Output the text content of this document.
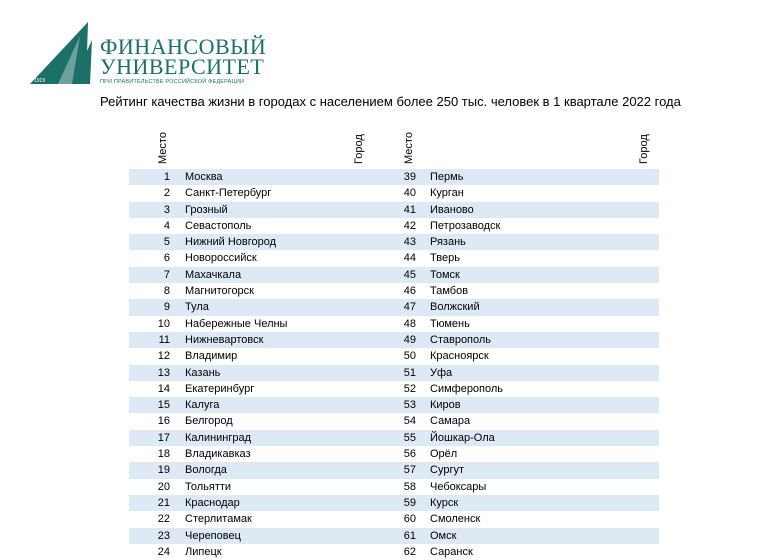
1919
ФИНАНСОВЫЙ
УНИВЕРСИТЕТ
ПРИ ПРАВИТЕЛЬСТВЕ РОССИЙСКОЙ ФЕДЕРАЦИИ
Рейтинг качества жизни в городах с населением более 250 тыс. человек в 1 квартале 2022 года
Место	Город	Место	Город
1 Москва	39 Пермь
2 Санкт-Петербург	40 Курган
3 Грозный	41 Иваново
4 Севастополь	42 Петрозаводск
5 Нижний Новгород	43 Рязань
6 Новороссийск	44 Тверь
7 Махачкала	45 Томск
8 Магнитогорск	46 Тамбов
9 Тула	47 Волжский
10 Набережные Челны	48 Тюмень
11 Нижневартовск	49 Ставрополь
12 Владимир	50 Красноярск
13 Казань	51 Уфа
14 Екатеринбург	52 Симферополь
15 Калуга	53 Киров
16 Белгород	54 Самара
17 Калининград	55 Йошкар-Ола
18 Владикавказ	56 Орёл
19 Вологда	57 Сургут
20 Тольятти	58 Чебоксары
21 Краснодар	59 Курск
22 Стерлитамак	60 Смоленск
23 Череповец	61 Омск
24 Липецк	62 Саранск
